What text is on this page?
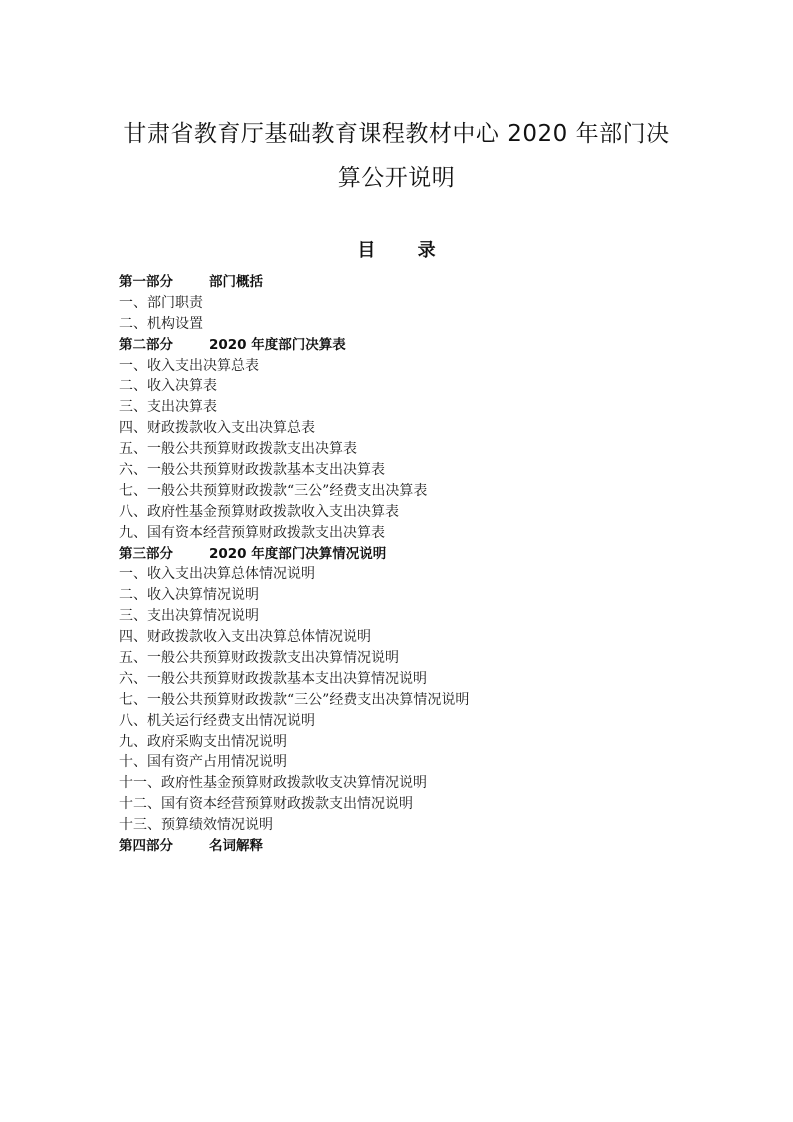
甘肃省教育厅基础教育课程教材中心 2020 年部门决
算公开说明
目 录
第一部分	部门概括
一、部门职责
二、机构设置
第二部分	2020 年度部门决算表
一、收入支出决算总表
二、收入决算表
三、支出决算表
四、财政拨款收入支出决算总表
五、一般公共预算财政拨款支出决算表
六、一般公共预算财政拨款基本支出决算表
七、一般公共预算财政拨款“三公”经费支出决算表
八、政府性基金预算财政拨款收入支出决算表
九、国有资本经营预算财政拨款支出决算表
第三部分	2020 年度部门决算情况说明
一、收入支出决算总体情况说明
二、收入决算情况说明
三、支出决算情况说明
四、财政拨款收入支出决算总体情况说明
五、一般公共预算财政拨款支出决算情况说明
六、一般公共预算财政拨款基本支出决算情况说明
七、一般公共预算财政拨款“三公”经费支出决算情况说明
八、机关运行经费支出情况说明
九、政府采购支出情况说明
十、国有资产占用情况说明
十一、政府性基金预算财政拨款收支决算情况说明
十二、国有资本经营预算财政拨款支出情况说明
十三、预算绩效情况说明
第四部分	名词解释
